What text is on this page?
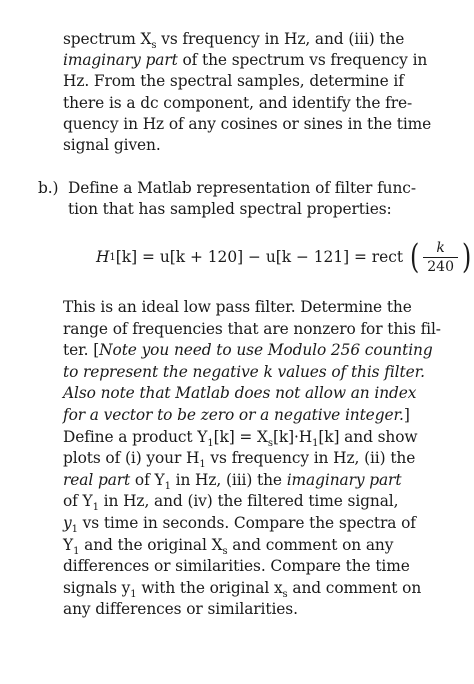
spectrum $X_s$ vs frequency in Hz, and (iii) the
imaginary part of the spectrum vs frequency in
Hz. From the spectral samples, determine if
there is a dc component, and identify the fre-
quency in Hz of any cosines or sines in the time
signal given.
b.) Define a Matlab representation of filter func-
tion that has sampled spectral properties:
H 1 [k]
= u[k + 120] − u[k − 121] = rect
( $\frac{k}{240}$ )
This is an ideal low pass filter. Determine the
range of frequencies that are nonzero for this fil-
ter. [Note you need to use Modulo 256 counting
to represent the negative k values of this filter.
Also note that Matlab does not allow an index
for a vector to be zero or a negative integer.]
Define a product $Y_1[k] = X_s[k]\cdot H_1[k]$ and show
plots of (i) your $H_1$ vs frequency in Hz, (ii) the
real part of $Y_1$ in Hz, (iii) the imaginary part
of $Y_1$ in Hz, and (iv) the filtered time signal,
$y_1$ vs time in seconds. Compare the spectra of
$Y_1$ and the original $X_s$ and comment on any
differences or similarities. Compare the time
signals $y_1$ with the original $x_s$ and comment on
any differences or similarities.
